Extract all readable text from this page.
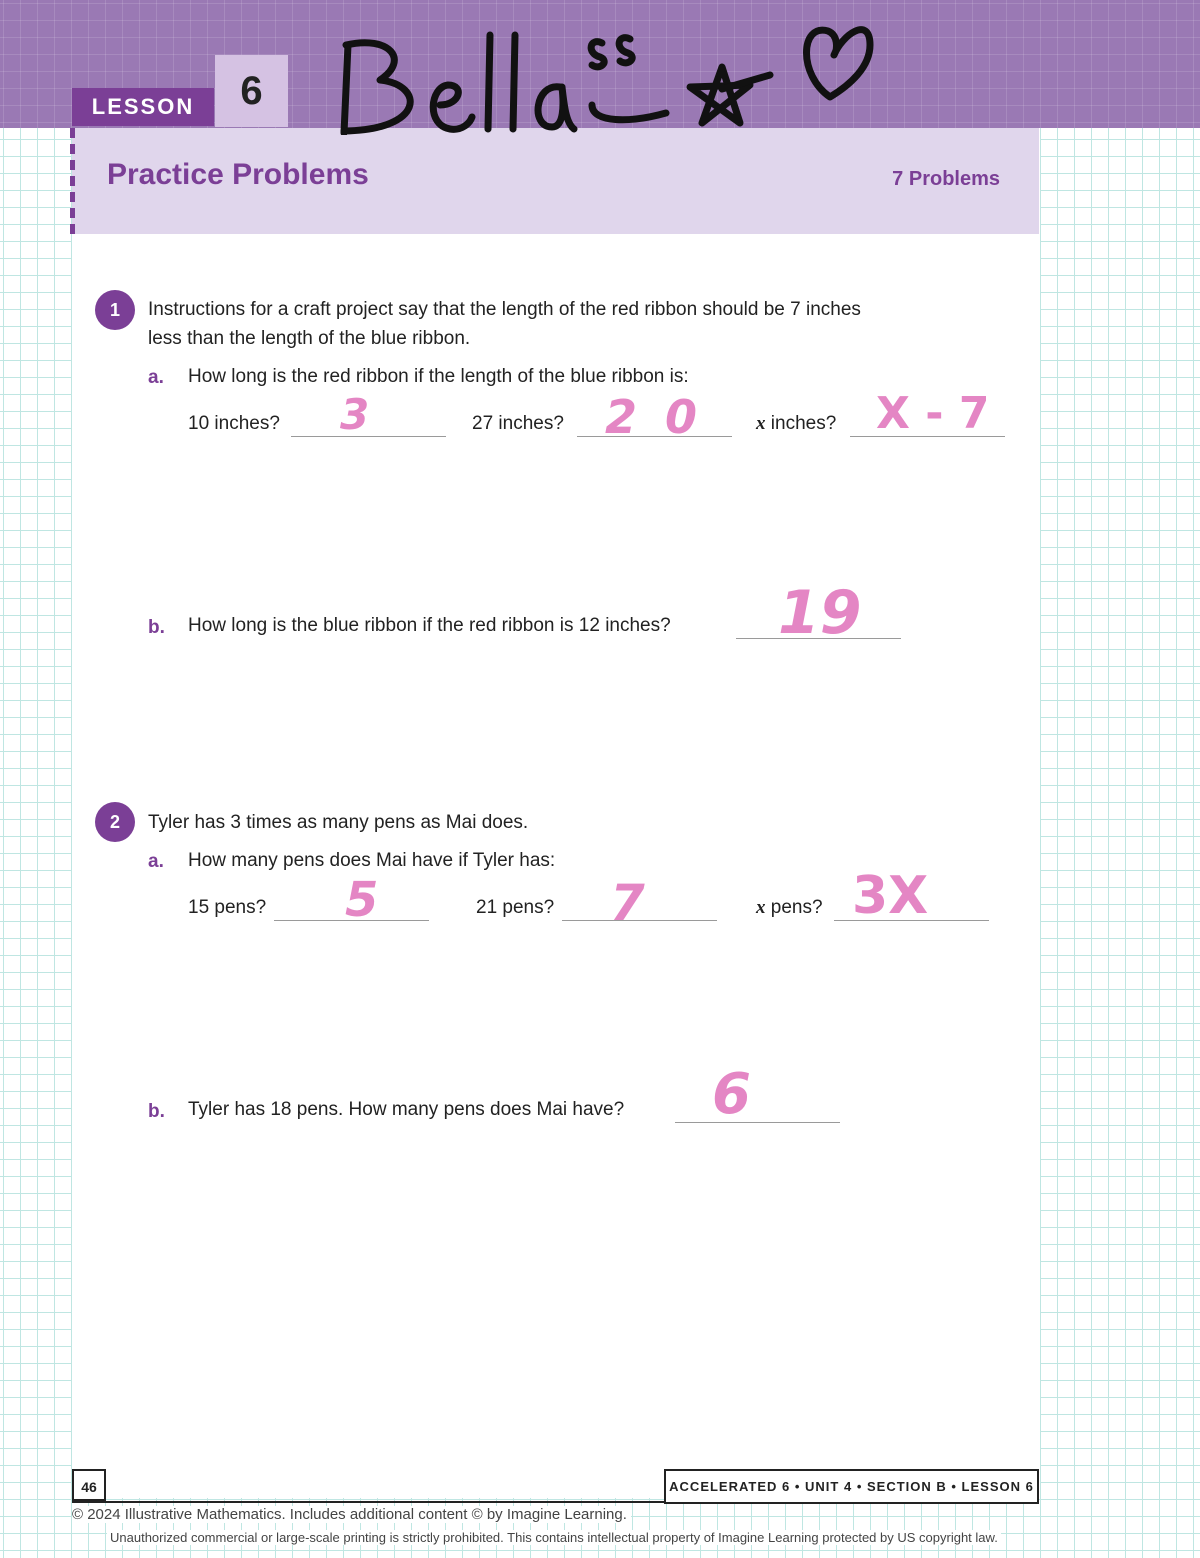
LESSON	6
Practice Problems	7 Problems
1	Instructions for a craft project say that the length of the red ribbon should be 7 inches
less than the length of the blue ribbon.
a. How long is the red ribbon if the length of the blue ribbon is:
10 inches? 3	27 inches? 2 0	x inches? X - 7
b. How long is the blue ribbon if the red ribbon is 12 inches? 19
2	Tyler has 3 times as many pens as Mai does.
a. How many pens does Mai have if Tyler has:
15 pens? 5	21 pens? 7	x pens? 3X
b. Tyler has 18 pens. How many pens does Mai have? 6
46	ACCELERATED 6 • UNIT 4 • SECTION B • LESSON 6
© 2024 Illustrative Mathematics. Includes additional content © by Imagine Learning.
Unauthorized commercial or large-scale printing is strictly prohibited. This contains intellectual property of Imagine Learning protected by US copyright law.
